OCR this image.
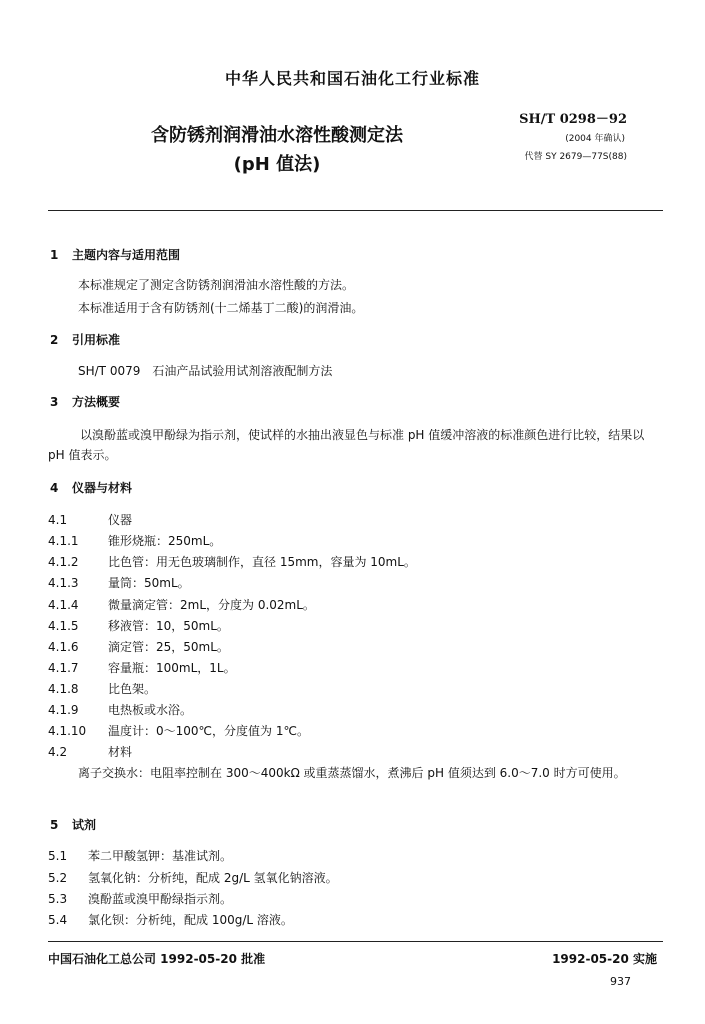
中华人民共和国石油化工行业标准
含防锈剂润滑油水溶性酸测定法
(pH 值法)
SH/T 0298－92
(2004 年确认)
代替 SY 2679—77S(88)
1 主题内容与适用范围
本标准规定了测定含防锈剂润滑油水溶性酸的方法。
本标准适用于含有防锈剂(十二烯基丁二酸)的润滑油。
2 引用标准
SH/T 0079　石油产品试验用试剂溶液配制方法
3 方法概要
以溴酚蓝或溴甲酚绿为指示剂，使试样的水抽出液显色与标准 pH 值缓冲溶液的标准颜色进行比较，结果以 pH 值表示。
4 仪器与材料
4.1	仪器
4.1.1 锥形烧瓶：250mL。
4.1.2 比色管：用无色玻璃制作，直径 15mm，容量为 10mL。
4.1.3 量筒：50mL。
4.1.4 微量滴定管：2mL，分度为 0.02mL。
4.1.5 移液管：10，50mL。
4.1.6 滴定管：25，50mL。
4.1.7 容量瓶：100mL，1L。
4.1.8 比色架。
4.1.9 电热板或水浴。
4.1.10 温度计：0～100℃，分度值为 1℃。
4.2	材料
离子交换水：电阻率控制在 300～400kΩ 或重蒸蒸馏水，煮沸后 pH 值须达到 6.0～7.0 时方可使用。
5 试剂
5.1 苯二甲酸氢钾：基准试剂。
5.2 氢氧化钠：分析纯，配成 2g/L 氢氧化钠溶液。
5.3 溴酚蓝或溴甲酚绿指示剂。
5.4 氯化钡：分析纯，配成 100g/L 溶液。
中国石油化工总公司 1992-05-20 批准	1992-05-20 实施
937
